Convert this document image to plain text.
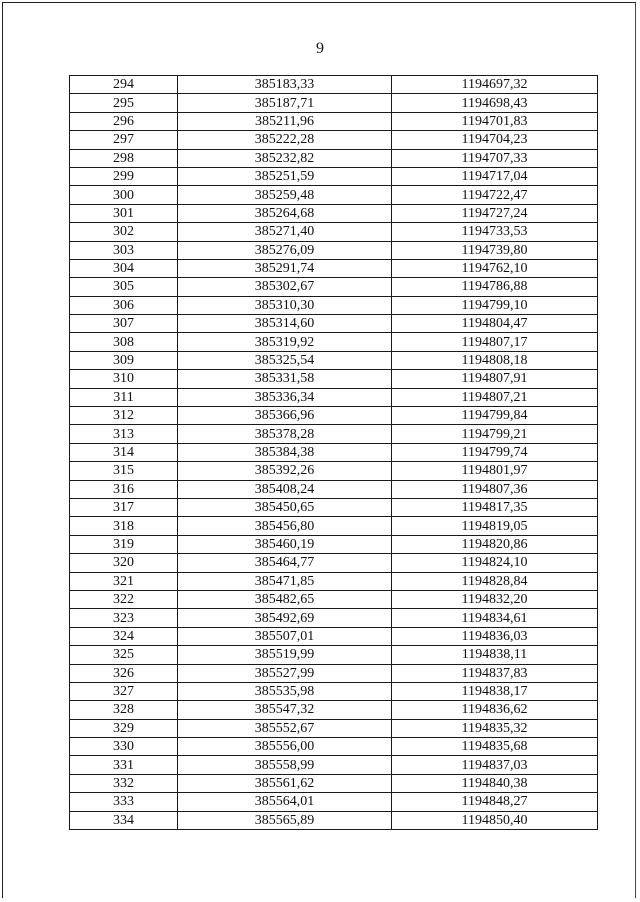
9
294	385183,33	1194697,32
295	385187,71	1194698,43
296	385211,96	1194701,83
297	385222,28	1194704,23
298	385232,82	1194707,33
299	385251,59	1194717,04
300	385259,48	1194722,47
301	385264,68	1194727,24
302	385271,40	1194733,53
303	385276,09	1194739,80
304	385291,74	1194762,10
305	385302,67	1194786,88
306	385310,30	1194799,10
307	385314,60	1194804,47
308	385319,92	1194807,17
309	385325,54	1194808,18
310	385331,58	1194807,91
311	385336,34	1194807,21
312	385366,96	1194799,84
313	385378,28	1194799,21
314	385384,38	1194799,74
315	385392,26	1194801,97
316	385408,24	1194807,36
317	385450,65	1194817,35
318	385456,80	1194819,05
319	385460,19	1194820,86
320	385464,77	1194824,10
321	385471,85	1194828,84
322	385482,65	1194832,20
323	385492,69	1194834,61
324	385507,01	1194836,03
325	385519,99	1194838,11
326	385527,99	1194837,83
327	385535,98	1194838,17
328	385547,32	1194836,62
329	385552,67	1194835,32
330	385556,00	1194835,68
331	385558,99	1194837,03
332	385561,62	1194840,38
333	385564,01	1194848,27
334	385565,89	1194850,40
